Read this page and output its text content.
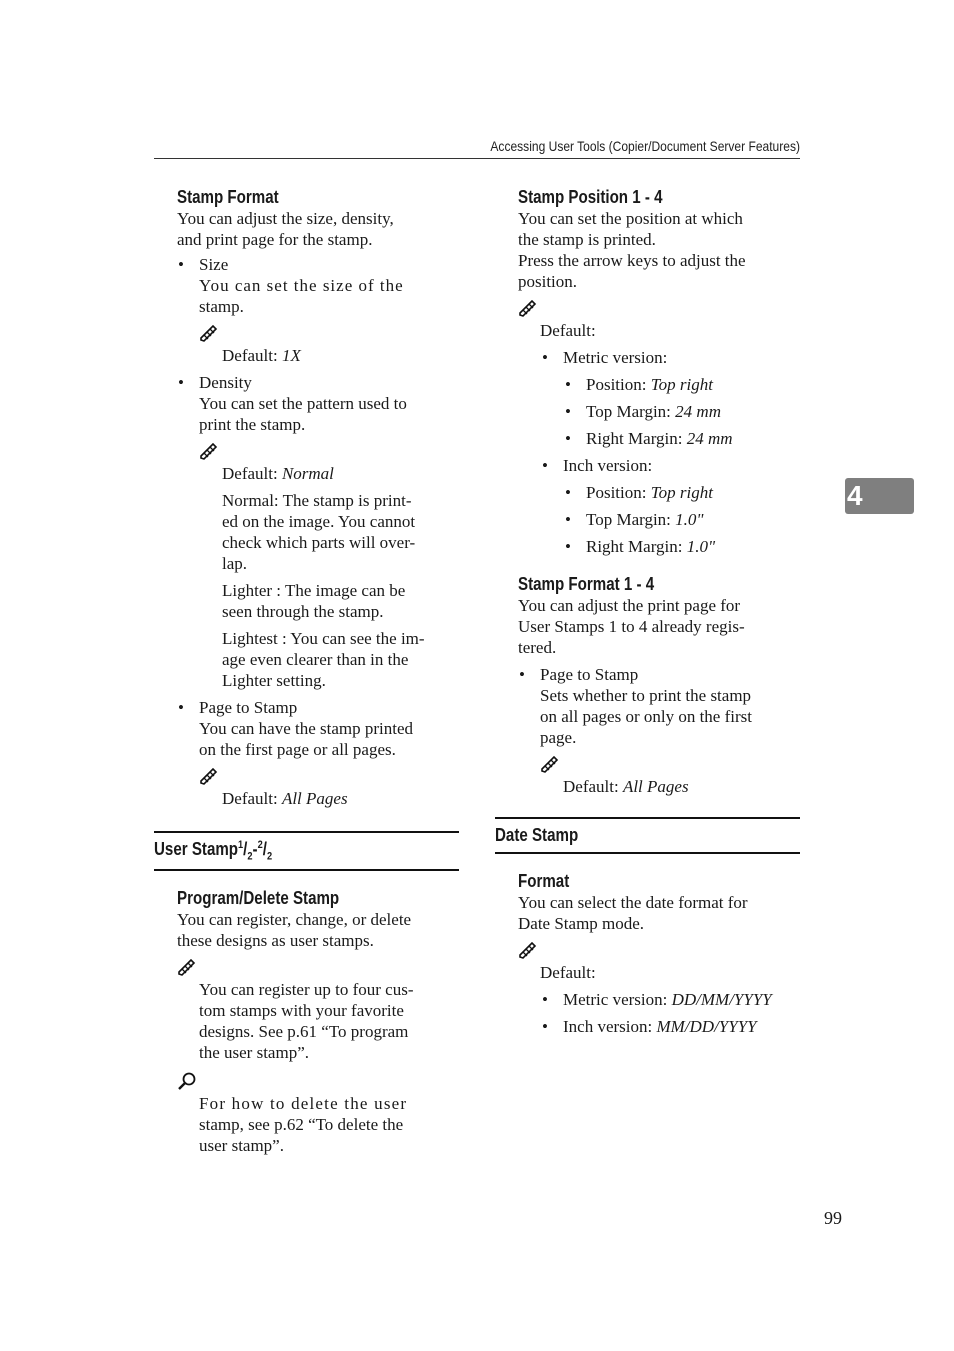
Accessing User Tools (Copier/Document Server Features)
4
99
Stamp Format
You can adjust the size, density,
and print page for the stamp.
• Size
You can set the size of the
stamp.
Default: 1X
• Density
You can set the pattern used to
print the stamp.
Default: Normal
Normal: The stamp is print-
ed on the image. You cannot
check which parts will over-
lap.
Lighter : The image can be
seen through the stamp.
Lightest : You can see the im-
age even clearer than in the
Lighter setting.
• Page to Stamp
You can have the stamp printed
on the first page or all pages.
Default: All Pages
User $Stamp^1/_2-^2/_2$
Program/Delete Stamp
You can register, change, or delete
these designs as user stamps.
You can register up to four cus-
tom stamps with your favorite
designs. See p.61 “To program
the user stamp”.
For how to delete the user
stamp, see p.62 “To delete the
user stamp”.
Stamp Position 1 - 4
You can set the position at which
the stamp is printed.
Press the arrow keys to adjust the
position.
Default:
• Metric version:
• Position: Top right
• Top Margin: 24 mm
• Right Margin: 24 mm
• Inch version:
• Position: Top right
• Top Margin: 1.0"
• Right Margin: 1.0"
Stamp Format 1 - 4
You can adjust the print page for
User Stamps 1 to 4 already regis-
tered.
• Page to Stamp
Sets whether to print the stamp
on all pages or only on the first
page.
Default: All Pages
Date Stamp
Format
You can select the date format for
Date Stamp mode.
Default:
• Metric version: DD/MM/YYYY
• Inch version: MM/DD/YYYY
